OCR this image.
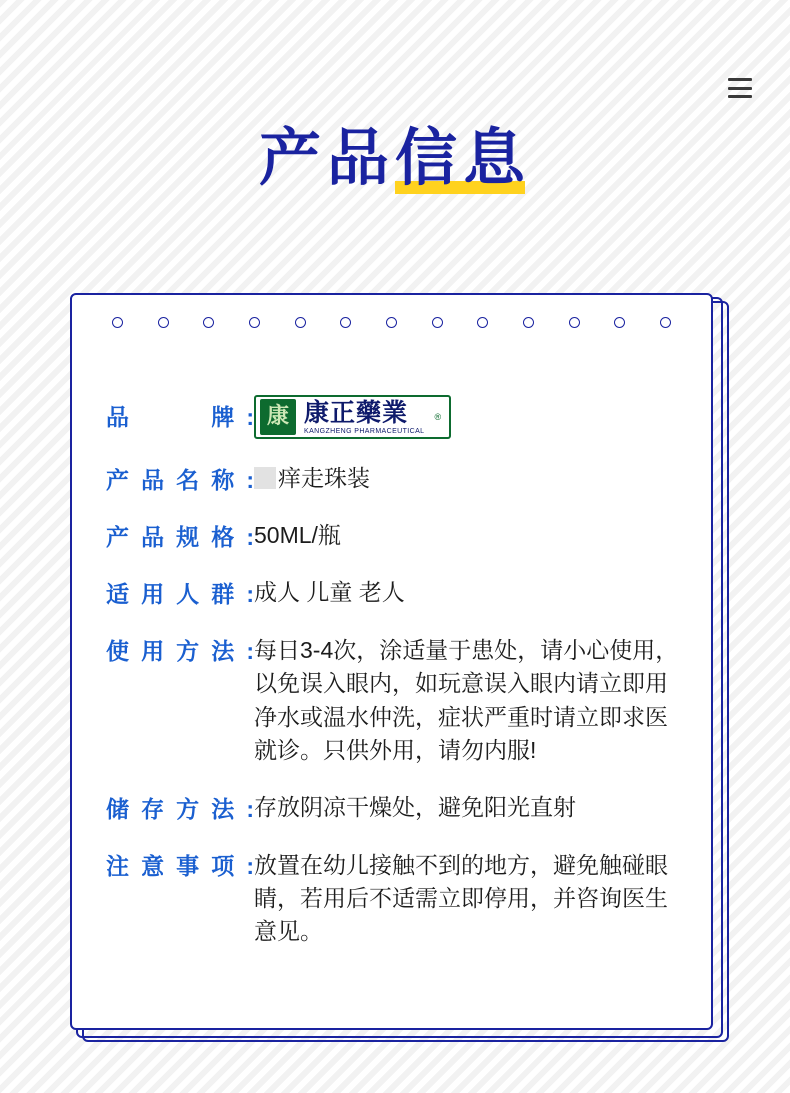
产品信息
品　　牌: 康 康正藥業
KANGZHENG PHARMACEUTICAL
®
产品名称:	痒走珠装
产品规格: 50ML/瓶
适用人群: 成人 儿童 老人
使用方法: 每日3-4次，涂适量于患处，请小心使用，以免误入眼内，如玩意误入眼内请立即用净水或温水仲洗，症状严重时请立即求医就诊。只供外用，请勿内服!
储存方法: 存放阴凉干燥处，避免阳光直射
注意事项: 放置在幼儿接触不到的地方，避免触碰眼睛，若用后不适需立即停用，并咨询医生意见。
